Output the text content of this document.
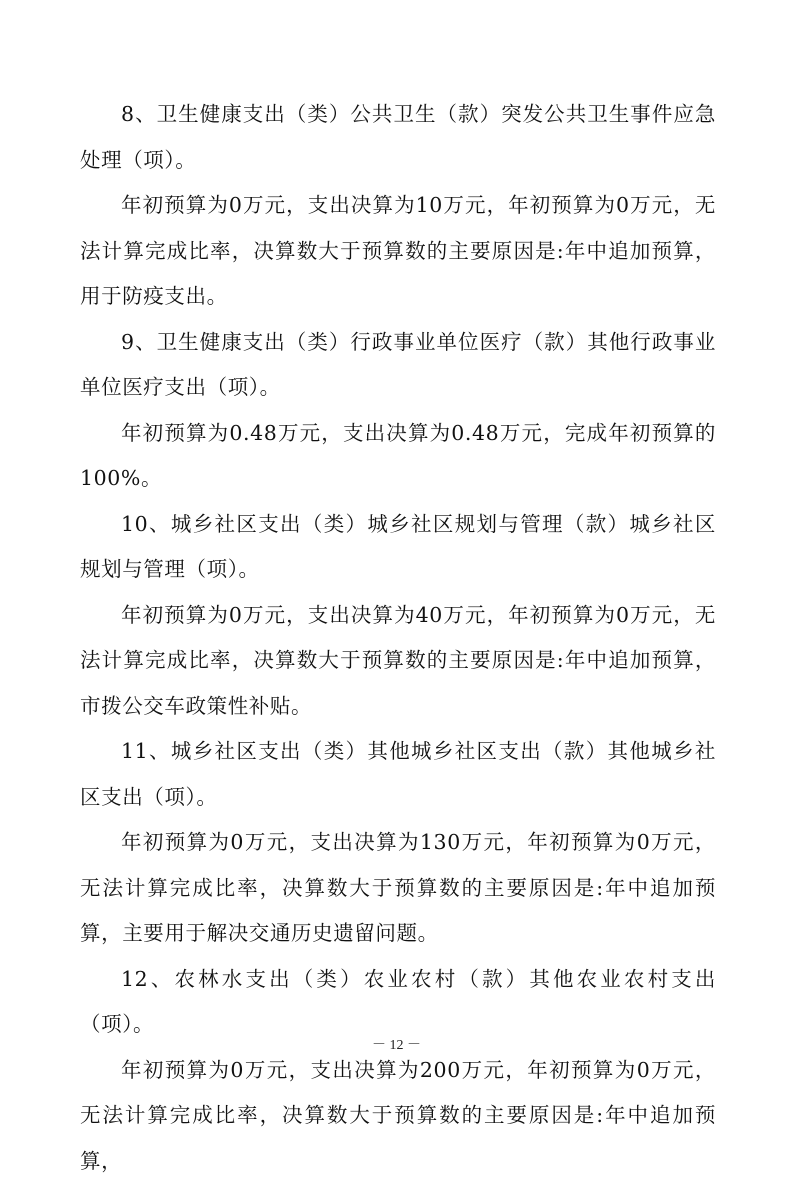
8、卫生健康支出（类）公共卫生（款）突发公共卫生事件应急处理（项）。

年初预算为0万元，支出决算为10万元，年初预算为0万元，无法计算完成比率，决算数大于预算数的主要原因是:年中追加预算，用于防疫支出。

9、卫生健康支出（类）行政事业单位医疗（款）其他行政事业单位医疗支出（项）。

年初预算为0.48万元，支出决算为0.48万元，完成年初预算的100%。

10、城乡社区支出（类）城乡社区规划与管理（款）城乡社区规划与管理（项）。

年初预算为0万元，支出决算为40万元，年初预算为0万元，无法计算完成比率，决算数大于预算数的主要原因是:年中追加预算，市拨公交车政策性补贴。

11、城乡社区支出（类）其他城乡社区支出（款）其他城乡社区支出（项）。

年初预算为0万元，支出决算为130万元，年初预算为0万元，无法计算完成比率，决算数大于预算数的主要原因是:年中追加预算，主要用于解决交通历史遗留问题。

12、农林水支出（类）农业农村（款）其他农业农村支出（项）。

年初预算为0万元，支出决算为200万元，年初预算为0万元，无法计算完成比率，决算数大于预算数的主要原因是:年中追加预算，

－ 12 －
